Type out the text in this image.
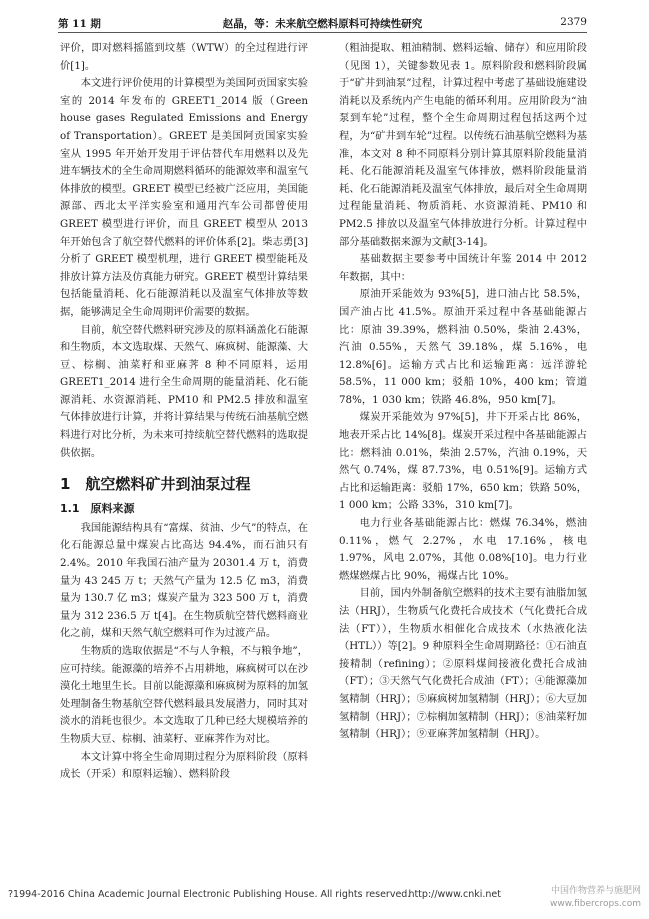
第 11 期	赵晶，等：未来航空燃料原料可持续性研究	2379

评价，即对燃料摇篮到坟墓（WTW）的全过程进行评价[1]。

本文进行评价使用的计算模型为美国阿贡国家实验室的 2014 年发布的 GREET1_2014 版（Green house gases Regulated Emissions and Energy of Transportation）。GREET 是美国阿贡国家实验室从 1995 年开始开发用于评估替代车用燃料以及先进车辆技术的全生命周期燃料循环的能源效率和温室气体排放的模型。GREET 模型已经被广泛应用，美国能源部、西北太平洋实验室和通用汽车公司都曾使用 GREET 模型进行评价，而且 GREET 模型从 2013 年开始包含了航空替代燃料的评价体系[2]。柴志勇[3]分析了 GREET 模型机理，进行 GREET 模型能耗及排放计算方法及仿真能力研究。GREET 模型计算结果包括能量消耗、化石能源消耗以及温室气体排放等数据，能够满足全生命周期评价需要的数据。

目前，航空替代燃料研究涉及的原料涵盖化石能源和生物质，本文选取煤、天然气、麻疯树、能源藻、大豆、棕榈、油菜籽和亚麻荠 8 种不同原料，运用 GREET1_2014 进行全生命周期的能量消耗、化石能源消耗、水资源消耗、PM10 和 PM2.5 排放和温室气体排放进行计算，并将计算结果与传统石油基航空燃料进行对比分析，为未来可持续航空替代燃料的选取提供依据。

1　航空燃料矿井到油泵过程
1.1　原料来源

我国能源结构具有“富煤、贫油、少气”的特点，在化石能源总量中煤炭占比高达 94.4%，而石油只有 2.4%。2010 年我国石油产量为 20301.4 万 t，消费量为 43 245 万 t；天然气产量为 12.5 亿 m3，消费量为 130.7 亿 m3；煤炭产量为 323 500 万 t，消费量为 312 236.5 万 t[4]。在生物质航空替代燃料商业化之前，煤和天然气航空燃料可作为过渡产品。

生物质的选取依据是“不与人争粮，不与粮争地”，应可持续。能源藻的培养不占用耕地，麻疯树可以在沙漠化土地里生长。目前以能源藻和麻疯树为原料的加氢处理制备生物基航空替代燃料最具发展潜力，同时其对淡水的消耗也很少。本文选取了几种已经大规模培养的生物质大豆、棕榈、油菜籽、亚麻荠作为对比。

本文计算中将全生命周期过程分为原料阶段（原料成长（开采）和原料运输）、燃料阶段

（粗油提取、粗油精制、燃料运输、储存）和应用阶段（见图 1），关键参数见表 1。原料阶段和燃料阶段属于“矿井到油泵”过程，计算过程中考虑了基础设施建设消耗以及系统内产生电能的循环利用。应用阶段为“油泵到车轮”过程，整个全生命周期过程包括这两个过程，为“矿井到车轮”过程。以传统石油基航空燃料为基准，本文对 8 种不同原料分别计算其原料阶段能量消耗、化石能源消耗及温室气体排放，燃料阶段能量消耗、化石能源消耗及温室气体排放，最后对全生命周期过程能量消耗、物质消耗、水资源消耗、PM10 和 PM2.5 排放以及温室气体排放进行分析。计算过程中部分基础数据来源为文献[3-14]。

基础数据主要参考中国统计年鉴 2014 中 2012 年数据，其中：

原油开采能效为 93%[5]，进口油占比 58.5%，国产油占比 41.5%。原油开采过程中各基础能源占比：原油 39.39%，燃料油 0.50%，柴油 2.43%，汽油 0.55%，天然气 39.18%，煤 5.16%，电 12.8%[6]。运输方式占比和运输距离：远洋游轮 58.5%，11 000 km；驳船 10%，400 km；管道 78%，1 030 km；铁路 46.8%，950 km[7]。

煤炭开采能效为 97%[5]，井下开采占比 86%，地表开采占比 14%[8]。煤炭开采过程中各基础能源占比：燃料油 0.01%，柴油 2.57%，汽油 0.19%，天然气 0.74%，煤 87.73%，电 0.51%[9]。运输方式占比和运输距离：驳船 17%，650 km；铁路 50%，1 000 km；公路 33%，310 km[7]。

电力行业各基础能源占比：燃煤 76.34%，燃油 0.11%，燃气 2.27%，水电 17.16%，核电 1.97%，风电 2.07%，其他 0.08%[10]。电力行业燃煤燃煤占比 90%，褐煤占比 10%。

目前，国内外制备航空燃料的技术主要有油脂加氢法（HRJ），生物质气化费托合成技术（气化费托合成法（FT）），生物质水相催化合成技术（水热液化法（HTL））等[2]。9 种原料全生命周期路径：①石油直接精制（refining）；②原料煤间接液化费托合成油（FT）；③天然气气化费托合成油（FT）；④能源藻加氢精制（HRJ）；⑤麻疯树加氢精制（HRJ）；⑥大豆加氢精制（HRJ）；⑦棕榈加氢精制（HRJ）；⑧油菜籽加氢精制（HRJ）；⑨亚麻荠加氢精制（HRJ）。

?1994-2016 China Academic Journal Electronic Publishing House. All rights reserved.
http://www.cnki.net	中国作物营养与施肥网
www.fibercrops.com
